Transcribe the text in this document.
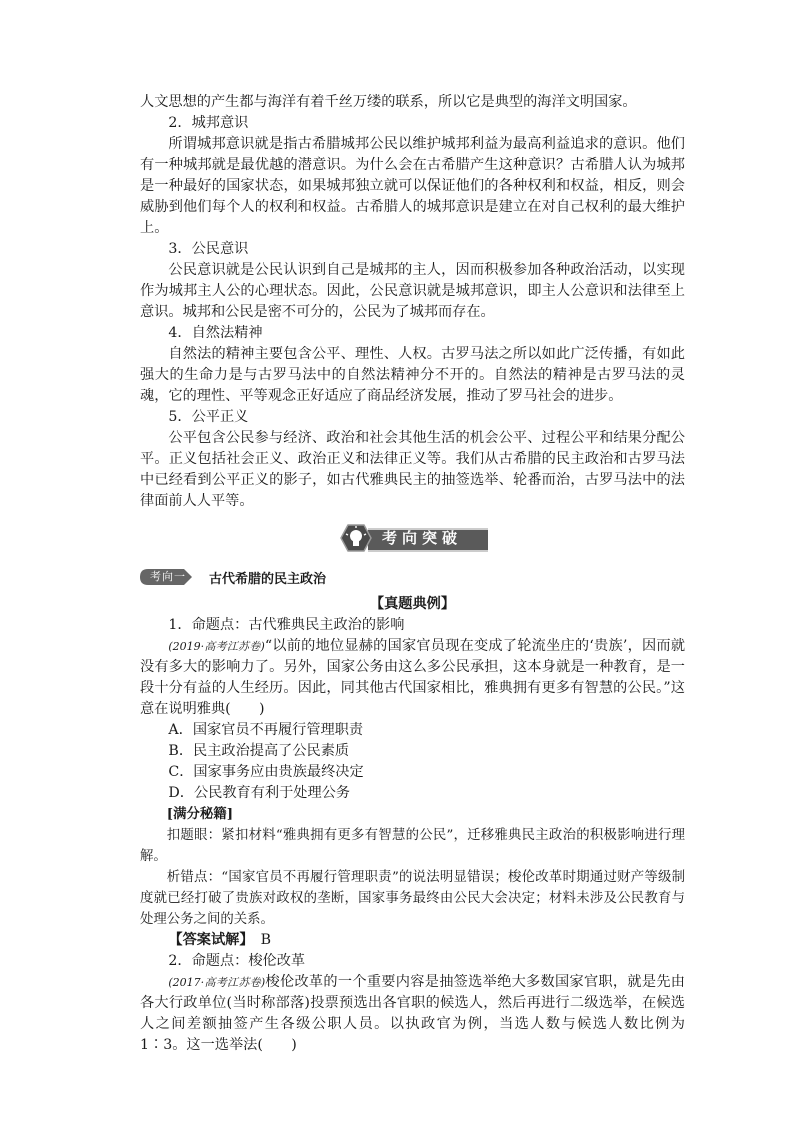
人文思想的产生都与海洋有着千丝万缕的联系，所以它是典型的海洋文明国家。

2．城邦意识

所谓城邦意识就是指古希腊城邦公民以维护城邦利益为最高利益追求的意识。他们有一种城邦就是最优越的潜意识。为什么会在古希腊产生这种意识？古希腊人认为城邦是一种最好的国家状态，如果城邦独立就可以保证他们的各种权利和权益，相反，则会威胁到他们每个人的权利和权益。古希腊人的城邦意识是建立在对自己权利的最大维护上。

3．公民意识

公民意识就是公民认识到自己是城邦的主人，因而积极参加各种政治活动，以实现作为城邦主人公的心理状态。因此，公民意识就是城邦意识，即主人公意识和法律至上意识。城邦和公民是密不可分的，公民为了城邦而存在。

4．自然法精神

自然法的精神主要包含公平、理性、人权。古罗马法之所以如此广泛传播，有如此强大的生命力是与古罗马法中的自然法精神分不开的。自然法的精神是古罗马法的灵魂，它的理性、平等观念正好适应了商品经济发展，推动了罗马社会的进步。

5．公平正义

公平包含公民参与经济、政治和社会其他生活的机会公平、过程公平和结果分配公平。正义包括社会正义、政治正义和法律正义等。我们从古希腊的民主政治和古罗马法中已经看到公平正义的影子，如古代雅典民主的抽签选举、轮番而治，古罗马法中的法律面前人人平等。

考向突破
考向一 古代希腊的民主政治

【真题典例】

1．命题点：古代雅典民主政治的影响

(2019·高考江苏卷)“以前的地位显赫的国家官员现在变成了轮流坐庄的‘贵族’，因而就没有多大的影响力了。另外，国家公务由这么多公民承担，这本身就是一种教育，是一段十分有益的人生经历。因此，同其他古代国家相比，雅典拥有更多有智慧的公民。”这意在说明雅典(　　)

A．国家官员不再履行管理职责

B．民主政治提高了公民素质

C．国家事务应由贵族最终决定

D．公民教育有利于处理公务

[满分秘籍]

扣题眼：紧扣材料“雅典拥有更多有智慧的公民”，迁移雅典民主政治的积极影响进行理解。

析错点：“国家官员不再履行管理职责”的说法明显错误；梭伦改革时期通过财产等级制度就已经打破了贵族对政权的垄断，国家事务最终由公民大会决定；材料未涉及公民教育与处理公务之间的关系。

【答案试解】　 B

2．命题点：梭伦改革

(2017·高考江苏卷)梭伦改革的一个重要内容是抽签选举绝大多数国家官职，就是先由各大行政单位(当时称部落)投票预选出各官职的候选人，然后再进行二级选举，在候选人之间差额抽签产生各级公职人员。以执政官为例，当选人数与候选人数比例为 1∶3。这一选举法(　　)
